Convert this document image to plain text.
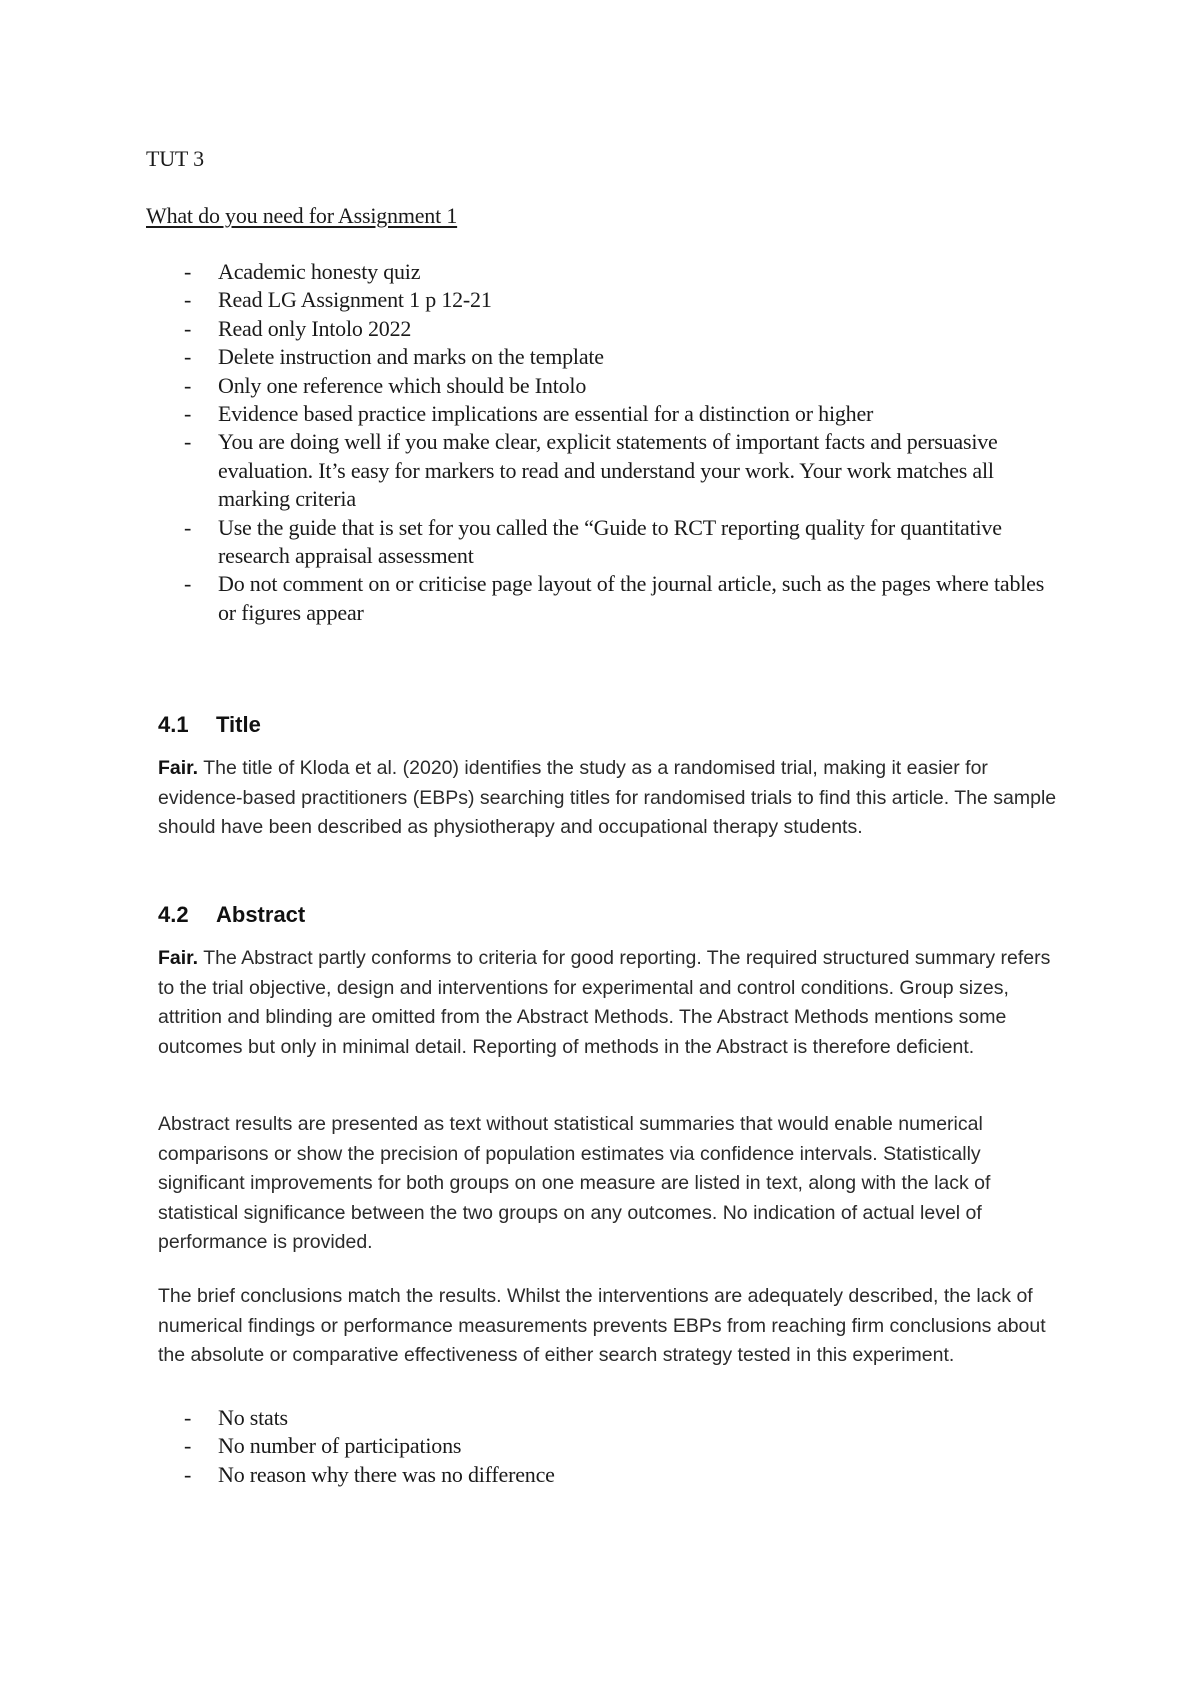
TUT 3

What do you need for Assignment 1

- Academic honesty quiz
- Read LG Assignment 1 p 12-21
- Read only Intolo 2022
- Delete instruction and marks on the template
- Only one reference which should be Intolo
- Evidence based practice implications are essential for a distinction or higher
- You are doing well if you make clear, explicit statements of important facts and persuasive evaluation. It’s easy for markers to read and understand your work. Your work matches all marking criteria
- Use the guide that is set for you called the “Guide to RCT reporting quality for quantitative research appraisal assessment
- Do not comment on or criticise page layout of the journal article, such as the pages where tables or figures appear
4.1 Title

Fair. The title of Kloda et al. (2020) identifies the study as a randomised trial, making it easier for evidence-based practitioners (EBPs) searching titles for randomised trials to find this article. The sample should have been described as physiotherapy and occupational therapy students.

4.2 Abstract

Fair. The Abstract partly conforms to criteria for good reporting. The required structured summary refers to the trial objective, design and interventions for experimental and control conditions. Group sizes, attrition and blinding are omitted from the Abstract Methods. The Abstract Methods mentions some outcomes but only in minimal detail. Reporting of methods in the Abstract is therefore deficient.

Abstract results are presented as text without statistical summaries that would enable numerical comparisons or show the precision of population estimates via confidence intervals. Statistically significant improvements for both groups on one measure are listed in text, along with the lack of statistical significance between the two groups on any outcomes. No indication of actual level of performance is provided.

The brief conclusions match the results. Whilst the interventions are adequately described, the lack of numerical findings or performance measurements prevents EBPs from reaching firm conclusions about the absolute or comparative effectiveness of either search strategy tested in this experiment.

- No stats
- No number of participations
- No reason why there was no difference
